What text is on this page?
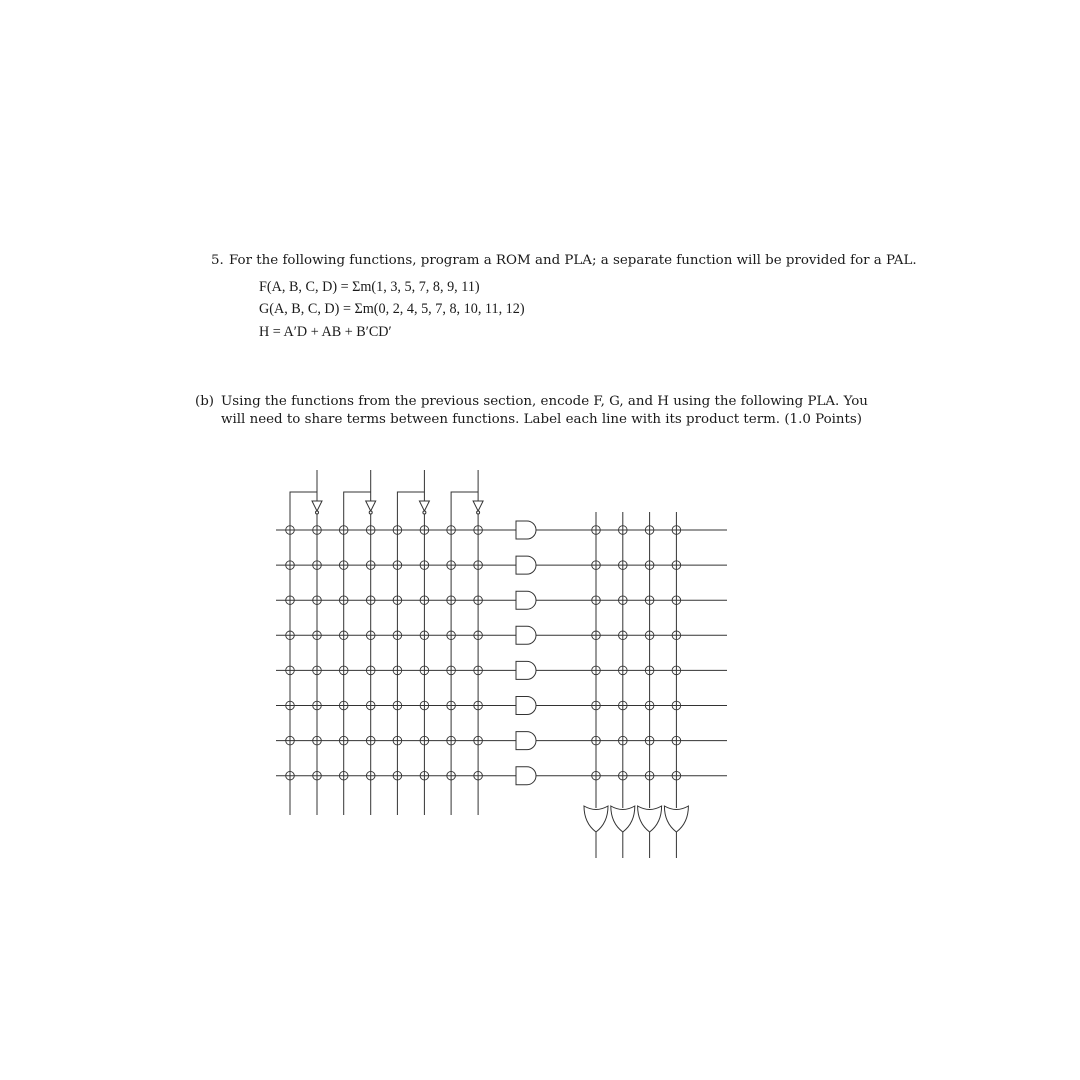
5. For the following functions, program a ROM and PLA; a separate function will be provided for a PAL.
F(A, B, C, D) = Σm(1, 3, 5, 7, 8, 9, 11)
G(A, B, C, D) = Σm(0, 2, 4, 5, 7, 8, 10, 11, 12)
H = A′D + AB + B′CD′
(b) Using the functions from the previous section, encode F, G, and H using the following PLA. You
will need to share terms between functions. Label each line with its product term. (1.0 Points)
